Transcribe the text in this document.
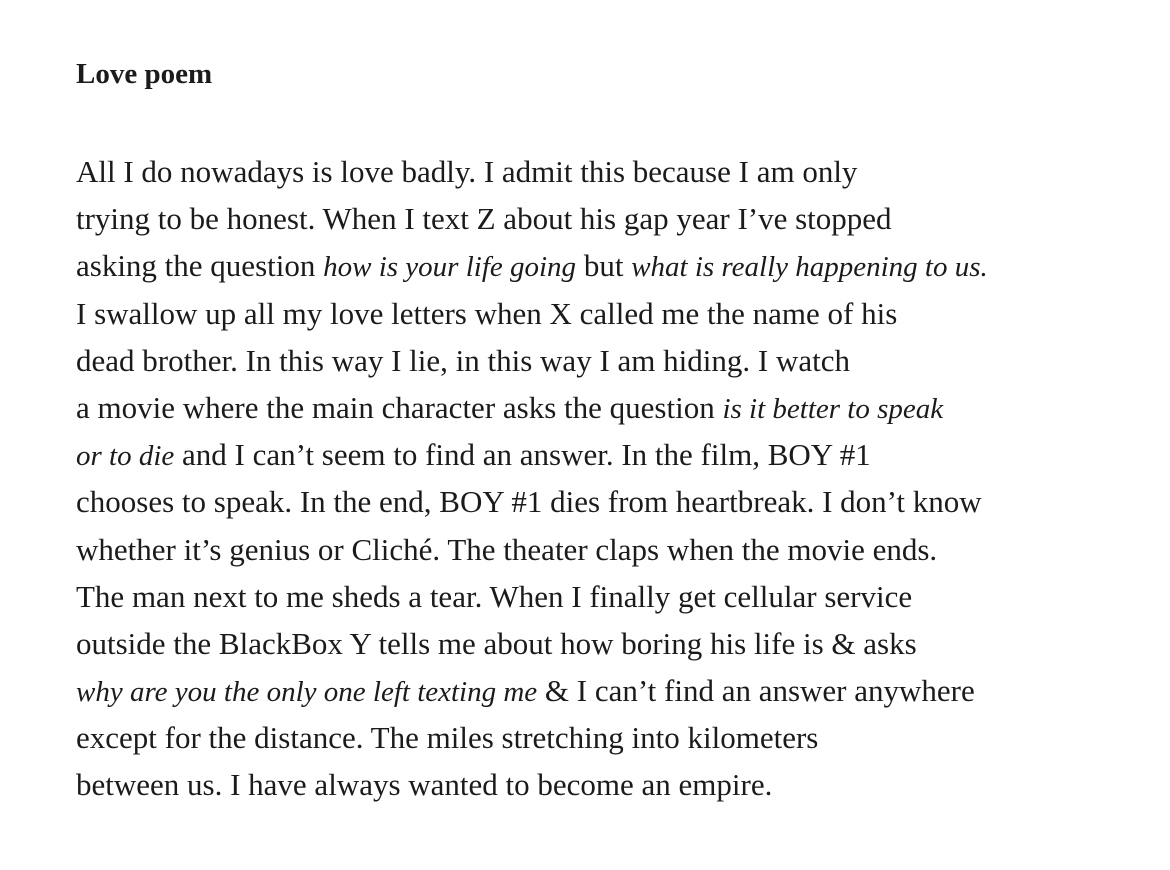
Love poem
All I do nowadays is love badly. I admit this because I am only
trying to be honest. When I text Z about his gap year I’ve stopped
asking the question how is your life going but what is really happening to us.
I swallow up all my love letters when X called me the name of his
dead brother. In this way I lie, in this way I am hiding. I watch
a movie where the main character asks the question is it better to speak
or to die and I can’t seem to find an answer. In the film, BOY #1
chooses to speak. In the end, BOY #1 dies from heartbreak. I don’t know
whether it’s genius or Cliché. The theater claps when the movie ends.
The man next to me sheds a tear. When I finally get cellular service
outside the BlackBox Y tells me about how boring his life is & asks
why are you the only one left texting me & I can’t find an answer anywhere
except for the distance. The miles stretching into kilometers
between us. I have always wanted to become an empire.
